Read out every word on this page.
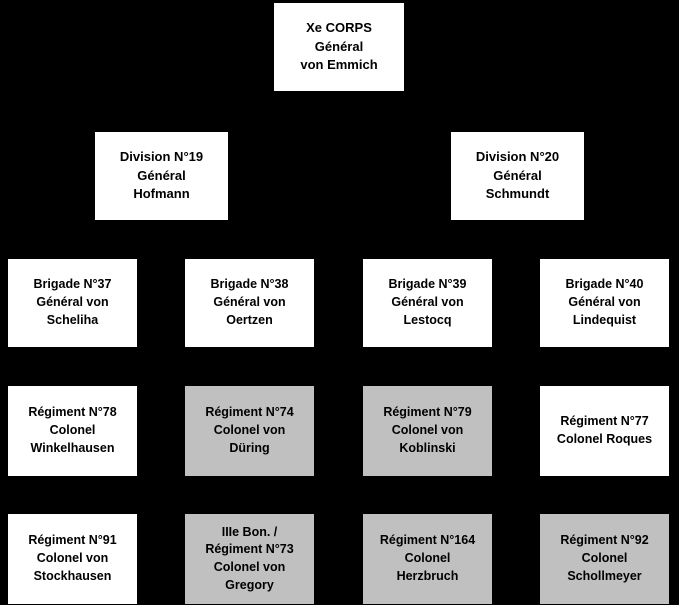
Xe CORPS
Général
von Emmich
Division N°19
Général
Hofmann
Division N°20
Général
Schmundt
Brigade N°37
Général von
Scheliha
Brigade N°38
Général von
Oertzen
Brigade N°39
Général von
Lestocq
Brigade N°40
Général von
Lindequist
Régiment N°78
Colonel
Winkelhausen
Régiment N°74
Colonel von
Düring
Régiment N°79
Colonel von
Koblinski
Régiment N°77
Colonel Roques
Régiment N°91
Colonel von
Stockhausen
IIIe Bon. /
Régiment N°73
Colonel von
Gregory
Régiment N°164
Colonel
Herzbruch
Régiment N°92
Colonel
Schollmeyer
